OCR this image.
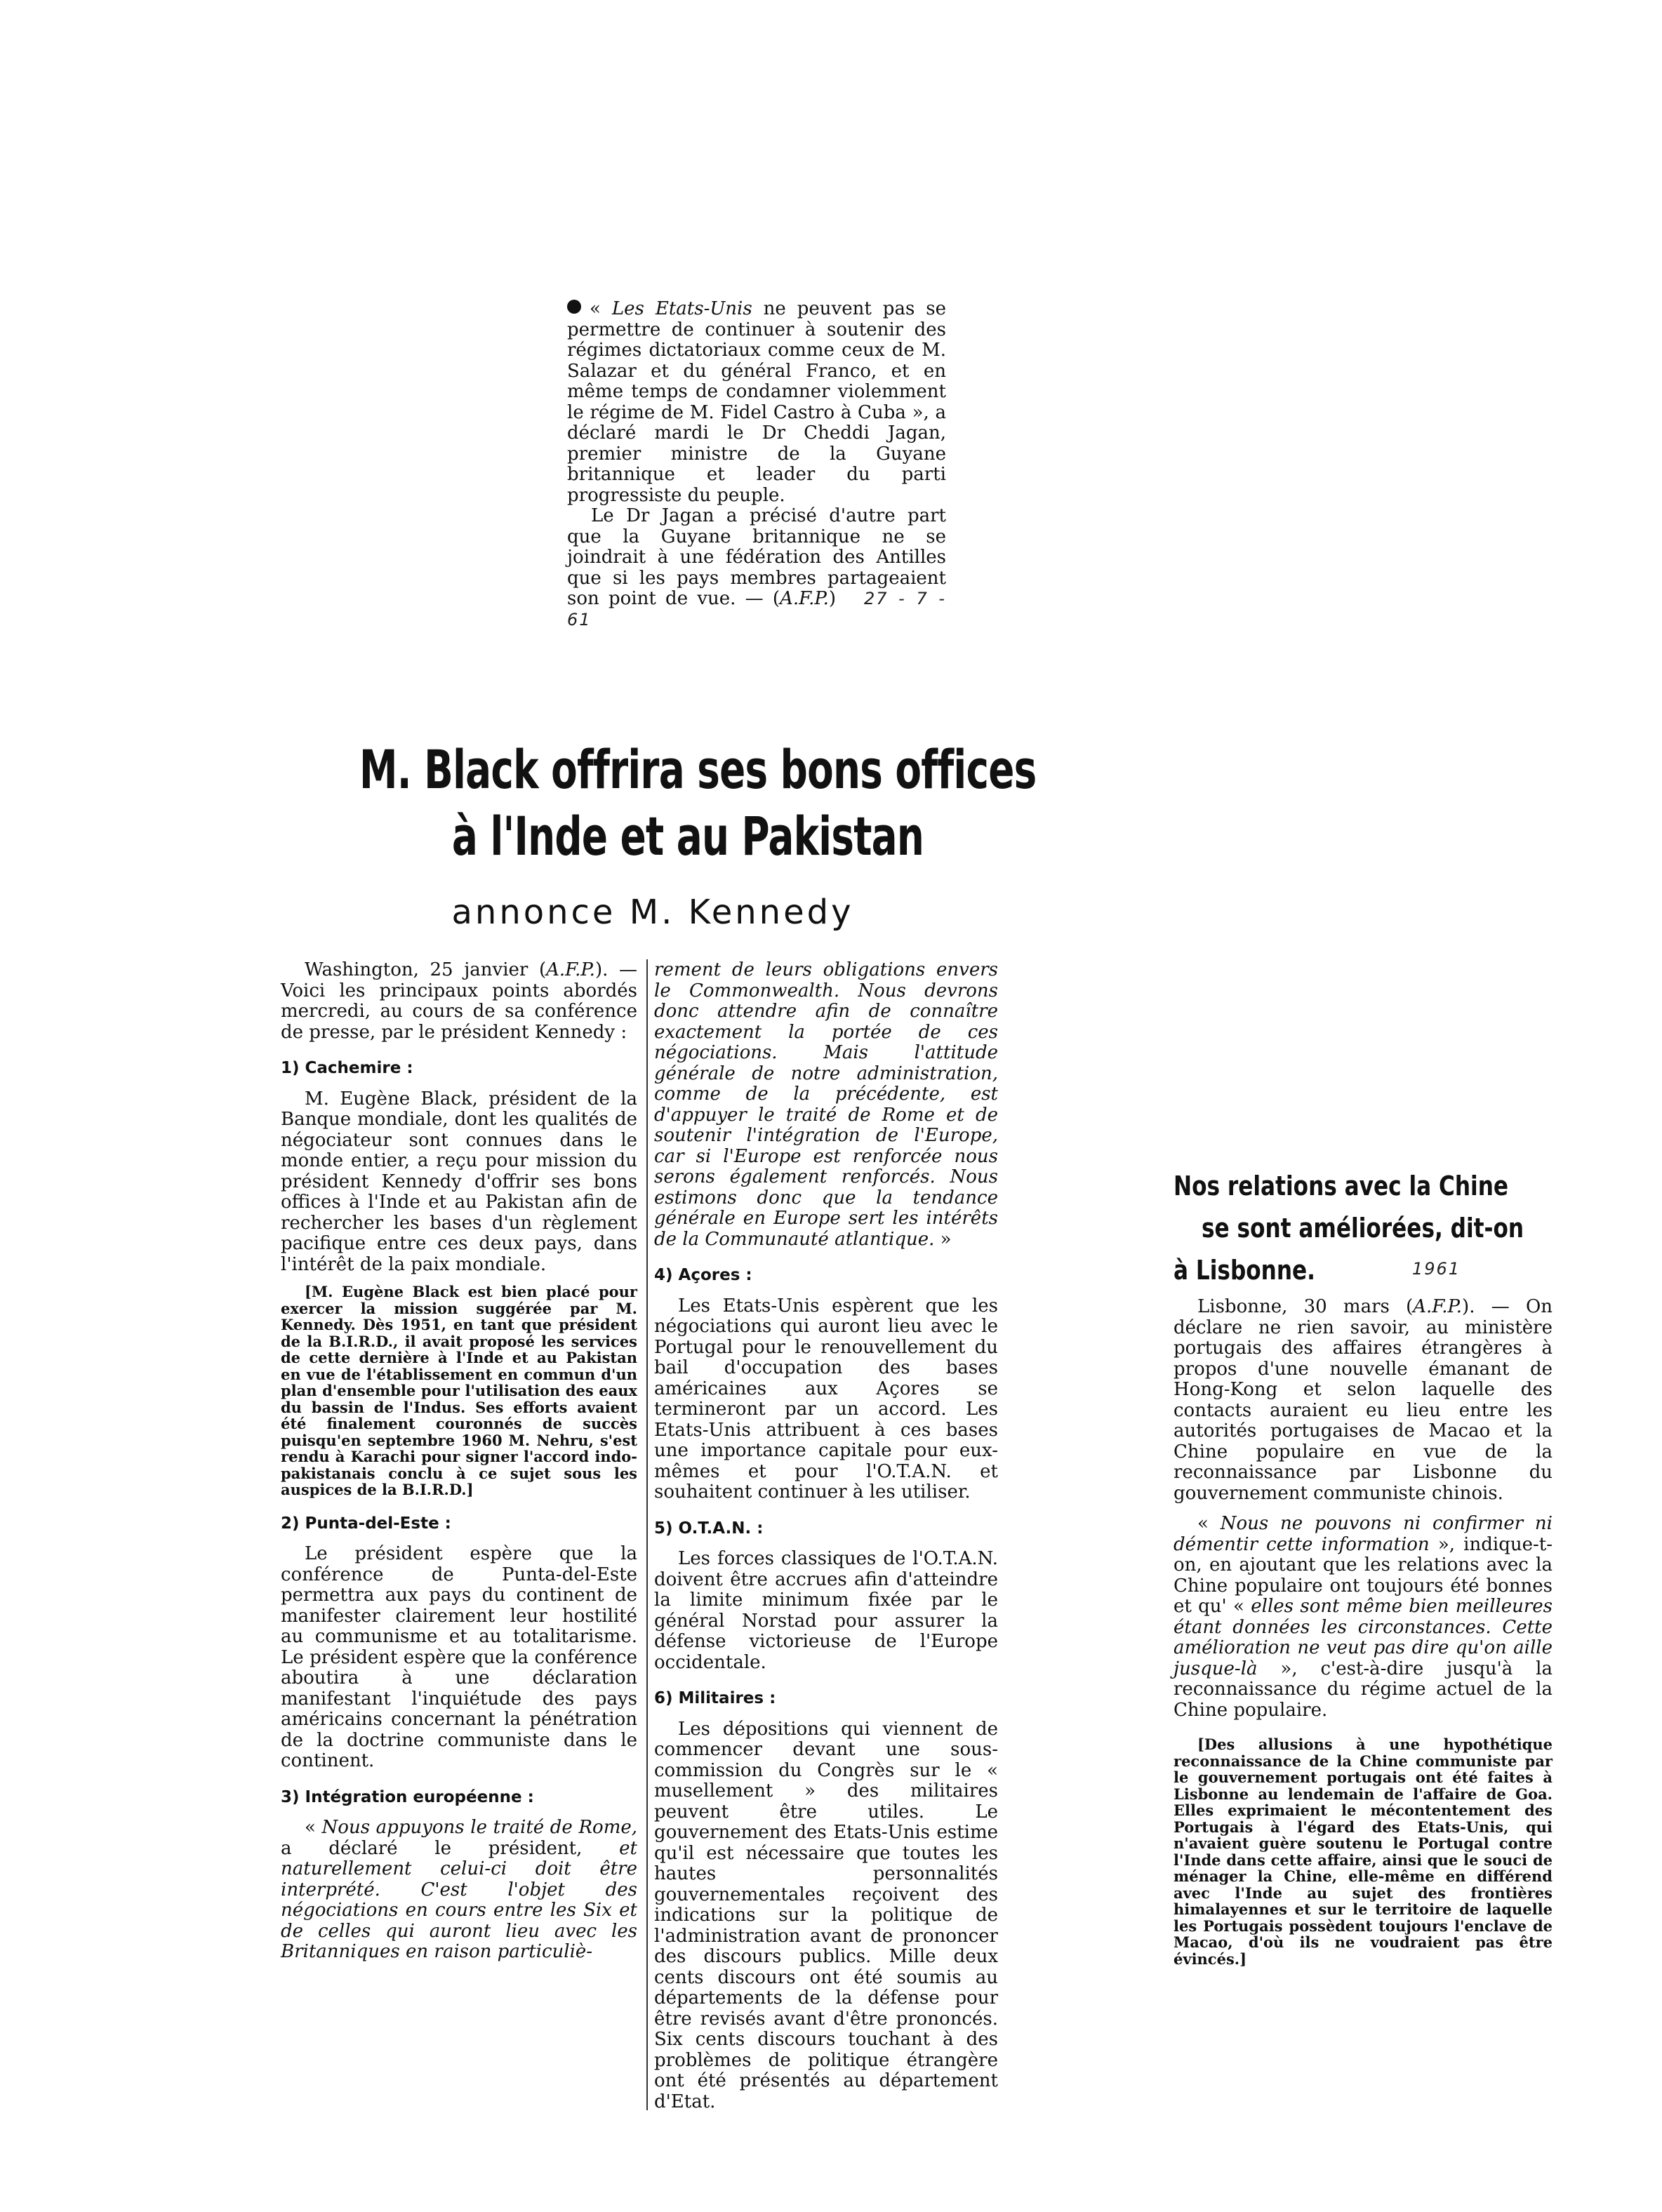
« Les Etats-Unis ne peuvent pas se permettre de continuer à soutenir des régimes dictatoriaux comme ceux de M. Salazar et du général Franco, et en même temps de condamner violemment le régime de M. Fidel Castro à Cuba », a déclaré mardi le Dr Cheddi Jagan, premier ministre de la Guyane britannique et leader du parti progressiste du peuple.

Le Dr Jagan a précisé d'autre part que la Guyane britannique ne se joindrait à une fédération des Antilles que si les pays membres partageaient son point de vue. — (A.F.P.) 27 - 7 - 61

M. Black offrira ses bons offices
à l'Inde et au Pakistan
annonce M. Kennedy

Washington, 25 janvier (A.F.P.). — Voici les principaux points abordés mercredi, au cours de sa conférence de presse, par le président Kennedy :

1) Cachemire :

M. Eugène Black, président de la Banque mondiale, dont les qualités de négociateur sont connues dans le monde entier, a reçu pour mission du président Kennedy d'offrir ses bons offices à l'Inde et au Pakistan afin de rechercher les bases d'un règlement pacifique entre ces deux pays, dans l'intérêt de la paix mondiale.

[M. Eugène Black est bien placé pour exercer la mission suggérée par M. Kennedy. Dès 1951, en tant que président de la B.I.R.D., il avait proposé les services de cette dernière à l'Inde et au Pakistan en vue de l'établissement en commun d'un plan d'ensemble pour l'utilisation des eaux du bassin de l'Indus. Ses efforts avaient été finalement couronnés de succès puisqu'en septembre 1960 M. Nehru, s'est rendu à Karachi pour signer l'accord indo-pakistanais conclu à ce sujet sous les auspices de la B.I.R.D.]

2) Punta-del-Este :

Le président espère que la conférence de Punta-del-Este permettra aux pays du continent de manifester clairement leur hostilité au communisme et au totalitarisme. Le président espère que la conférence aboutira à une déclaration manifestant l'inquiétude des pays américains concernant la pénétration de la doctrine communiste dans le continent.

3) Intégration européenne :

« Nous appuyons le traité de Rome, a déclaré le président, et naturellement celui-ci doit être interprété. C'est l'objet des négociations en cours entre les Six et de celles qui auront lieu avec les Britanniques en raison particuliè-

rement de leurs obligations envers le Commonwealth. Nous devrons donc attendre afin de connaître exactement la portée de ces négociations. Mais l'attitude générale de notre administration, comme de la précédente, est d'appuyer le traité de Rome et de soutenir l'intégration de l'Europe, car si l'Europe est renforcée nous serons également renforcés. Nous estimons donc que la tendance générale en Europe sert les intérêts de la Communauté atlantique. »

4) Açores :

Les Etats-Unis espèrent que les négociations qui auront lieu avec le Portugal pour le renouvellement du bail d'occupation des bases américaines aux Açores se termineront par un accord. Les Etats-Unis attribuent à ces bases une importance capitale pour eux-mêmes et pour l'O.T.A.N. et souhaitent continuer à les utiliser.

5) O.T.A.N. :

Les forces classiques de l'O.T.A.N. doivent être accrues afin d'atteindre la limite minimum fixée par le général Norstad pour assurer la défense victorieuse de l'Europe occidentale.

6) Militaires :

Les dépositions qui viennent de commencer devant une sous-commission du Congrès sur le « musellement » des militaires peuvent être utiles. Le gouvernement des Etats-Unis estime qu'il est nécessaire que toutes les hautes personnalités gouvernementales reçoivent des indications sur la politique de l'administration avant de prononcer des discours publics. Mille deux cents discours ont été soumis au départements de la défense pour être revisés avant d'être prononcés. Six cents discours touchant à des problèmes de politique étrangère ont été présentés au département d'Etat.

Nos relations avec la Chine
se sont améliorées, dit-on
à Lisbonne.	1961

Lisbonne, 30 mars (A.F.P.). — On déclare ne rien savoir, au ministère portugais des affaires étrangères à propos d'une nouvelle émanant de Hong-Kong et selon laquelle des contacts auraient eu lieu entre les autorités portugaises de Macao et la Chine populaire en vue de la reconnaissance par Lisbonne du gouvernement communiste chinois.

« Nous ne pouvons ni confirmer ni démentir cette information », indique-t-on, en ajoutant que les relations avec la Chine populaire ont toujours été bonnes et qu' « elles sont même bien meilleures étant données les circonstances. Cette amélioration ne veut pas dire qu'on aille jusque-là », c'est-à-dire jusqu'à la reconnaissance du régime actuel de la Chine populaire.

[Des allusions à une hypothétique reconnaissance de la Chine communiste par le gouvernement portugais ont été faites à Lisbonne au lendemain de l'affaire de Goa. Elles exprimaient le mécontentement des Portugais à l'égard des Etats-Unis, qui n'avaient guère soutenu le Portugal contre l'Inde dans cette affaire, ainsi que le souci de ménager la Chine, elle-même en différend avec l'Inde au sujet des frontières himalayennes et sur le territoire de laquelle les Portugais possèdent toujours l'enclave de Macao, d'où ils ne voudraient pas être évincés.]
